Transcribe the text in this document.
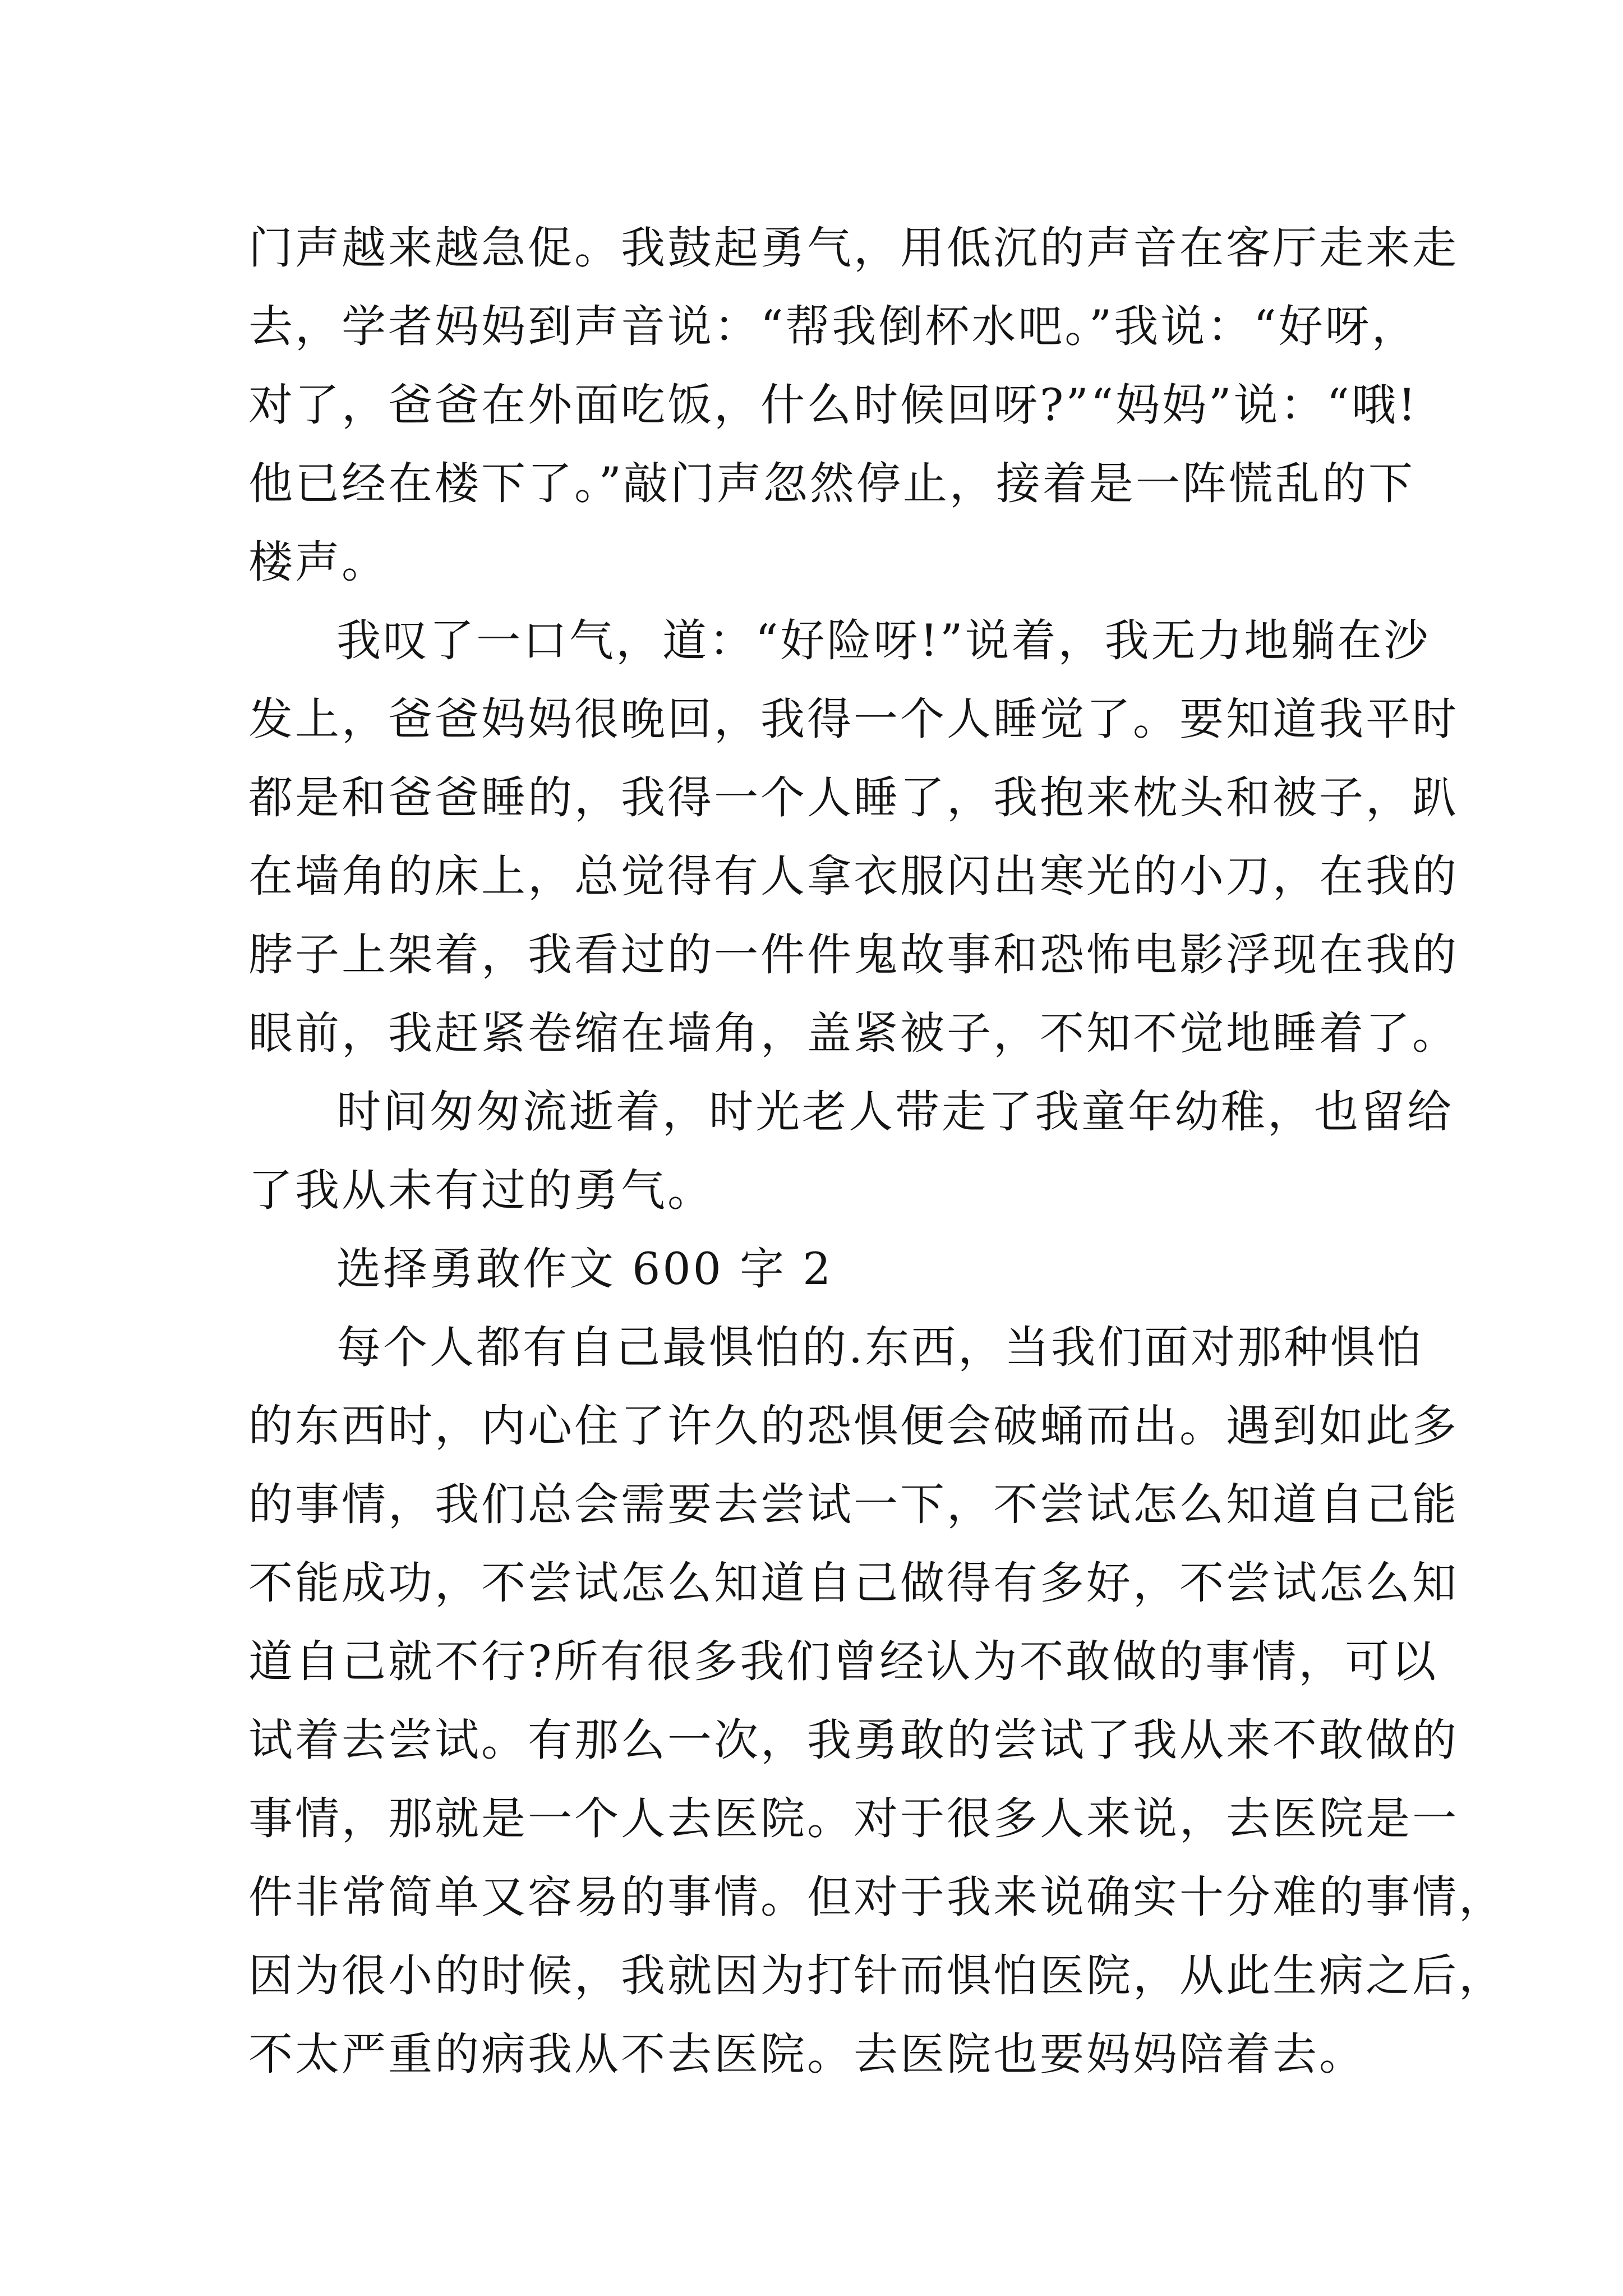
门声越来越急促。我鼓起勇气，用低沉的声音在客厅走来走
去，学者妈妈到声音说：“帮我倒杯水吧。”我说：“好呀，
对了，爸爸在外面吃饭，什么时候回呀?”“妈妈”说：“哦!
他已经在楼下了。”敲门声忽然停止，接着是一阵慌乱的下
楼声。
我叹了一口气，道：“好险呀!”说着，我无力地躺在沙
发上，爸爸妈妈很晚回，我得一个人睡觉了。要知道我平时
都是和爸爸睡的，我得一个人睡了，我抱来枕头和被子，趴
在墙角的床上，总觉得有人拿衣服闪出寒光的小刀，在我的
脖子上架着，我看过的一件件鬼故事和恐怖电影浮现在我的
眼前，我赶紧卷缩在墙角，盖紧被子，不知不觉地睡着了。
时间匆匆流逝着，时光老人带走了我童年幼稚，也留给
了我从未有过的勇气。
选择勇敢作文 600 字 2
每个人都有自己最惧怕的.东西，当我们面对那种惧怕
的东西时，内心住了许久的恐惧便会破蛹而出。遇到如此多
的事情，我们总会需要去尝试一下，不尝试怎么知道自己能
不能成功，不尝试怎么知道自己做得有多好，不尝试怎么知
道自己就不行?所有很多我们曾经认为不敢做的事情，可以
试着去尝试。有那么一次，我勇敢的尝试了我从来不敢做的
事情，那就是一个人去医院。对于很多人来说，去医院是一
件非常简单又容易的事情。但对于我来说确实十分难的事情，
因为很小的时候，我就因为打针而惧怕医院，从此生病之后，
不太严重的病我从不去医院。去医院也要妈妈陪着去。
